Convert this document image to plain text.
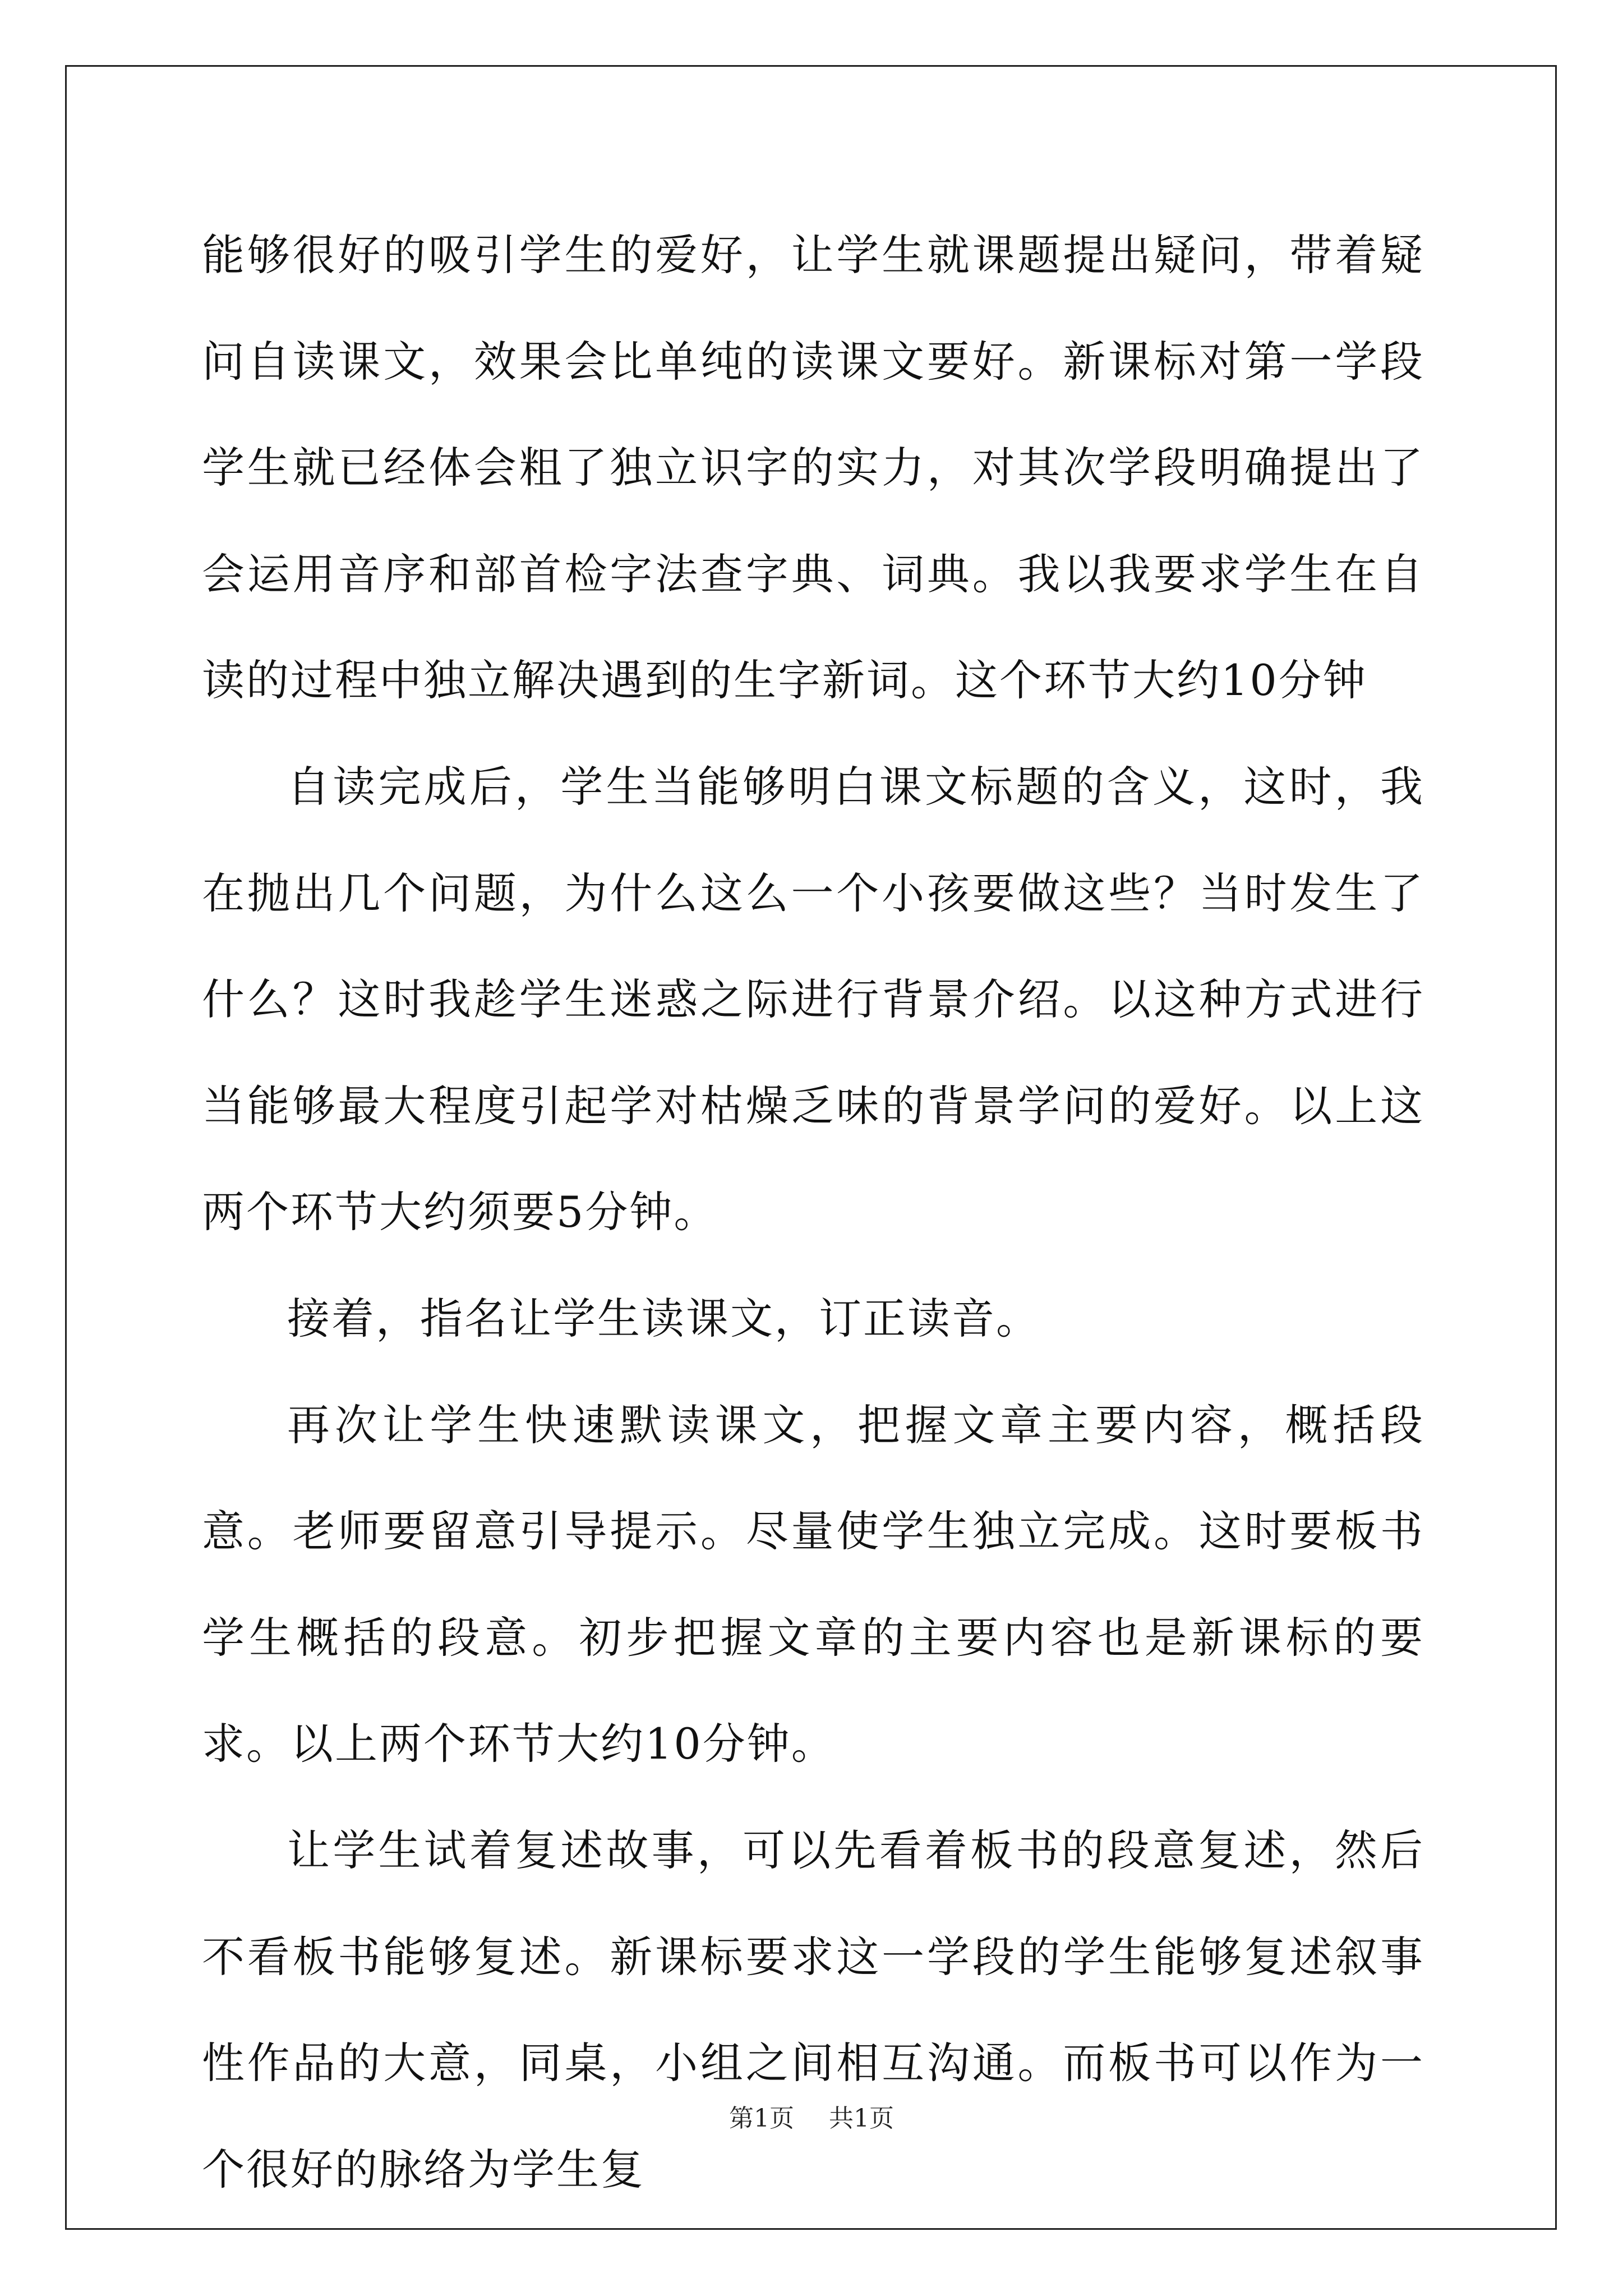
能够很好的吸引学生的爱好，让学生就课题提出疑问，带着疑问自读课文，效果会比单纯的读课文要好。新课标对第一学段学生就已经体会粗了独立识字的实力，对其次学段明确提出了会运用音序和部首检字法查字典、词典。我以我要求学生在自读的过程中独立解决遇到的生字新词。这个环节大约10分钟

自读完成后，学生当能够明白课文标题的含义，这时，我在抛出几个问题，为什么这么一个小孩要做这些？当时发生了什么？这时我趁学生迷惑之际进行背景介绍。以这种方式进行当能够最大程度引起学对枯燥乏味的背景学问的爱好。以上这两个环节大约须要5分钟。

接着，指名让学生读课文，订正读音。

再次让学生快速默读课文，把握文章主要内容，概括段意。老师要留意引导提示。尽量使学生独立完成。这时要板书学生概括的段意。初步把握文章的主要内容也是新课标的要求。以上两个环节大约10分钟。

让学生试着复述故事，可以先看着板书的段意复述，然后不看板书能够复述。新课标要求这一学段的学生能够复述叙事性作品的大意，同桌，小组之间相互沟通。而板书可以作为一个很好的脉络为学生复

第1页 共1页
